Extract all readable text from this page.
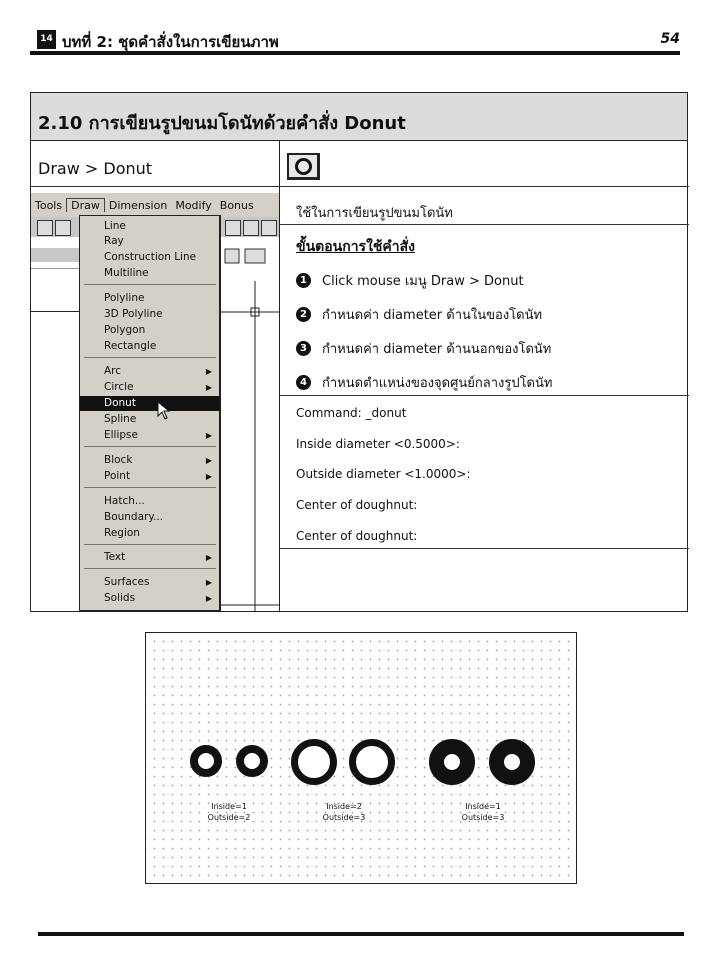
14 บทที่ 2: ชุดคำสั่งในการเขียนภาพ	54
2.10 การเขียนรูปขนมโดนัทด้วยคำสั่ง Donut
Draw > Donut
ใช้ในการเขียนรูปขนมโดนัท
ขั้นตอนการใช้คำสั่ง
1	Click mouse เมนู Draw > Donut
2	กำหนดค่า diameter ด้านในของโดนัท
3	กำหนดค่า diameter ด้านนอกของโดนัท
4	กำหนดตำแหน่งของจุดศูนย์กลางรูปโดนัท
Command: _donut
Inside diameter <0.5000>:
Outside diameter <1.0000>:
Center of doughnut:
Center of doughnut:
Tools Draw Dimension Modify Bonus
Line
Ray
Construction Line
Multiline
Polyline
3D Polyline
Polygon
Rectangle
Arc	▶
Circle	▶
Donut
Spline
Ellipse	▶
Block	▶
Point	▶
Hatch...
Boundary...
Region
Text	▶
Surfaces	▶
Solids	▶
Inside=1
Outside=2
Inside=2
Outside=3
Inside=1
Outside=3
